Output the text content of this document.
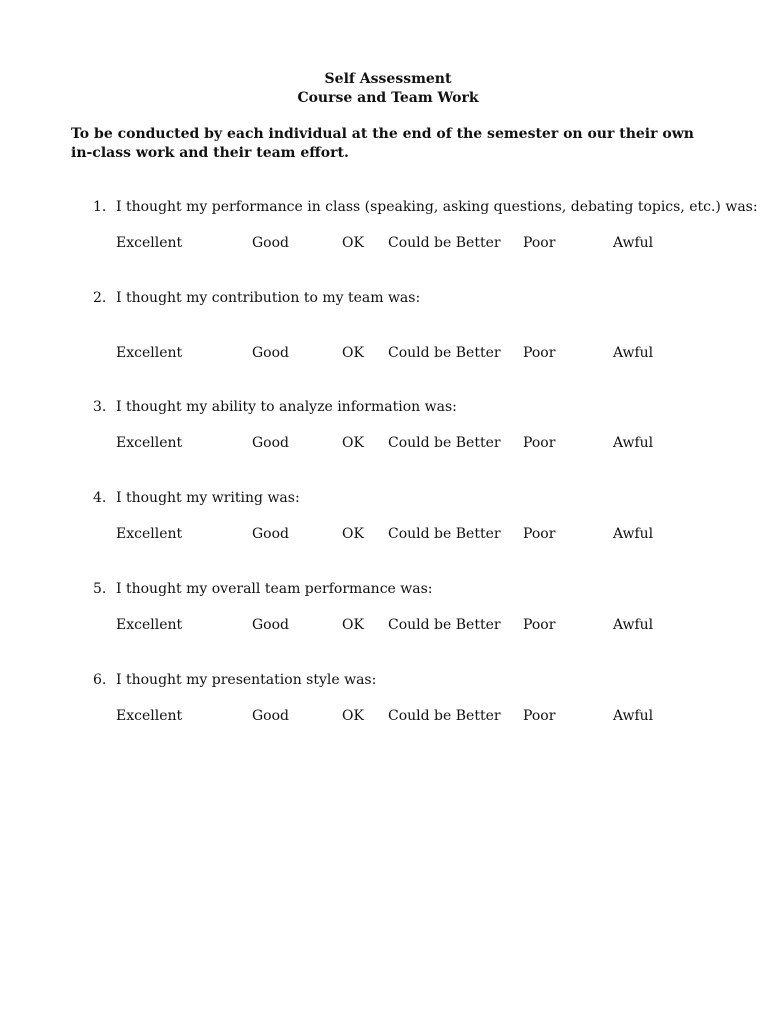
Self Assessment
Course and Team Work
To be conducted by each individual at the end of the semester on our their own in-class work and their team effort.
1. I thought my performance in class (speaking, asking questions, debating topics, etc.) was:
Excellent	Good	OK Could be Better Poor	Awful
2. I thought my contribution to my team was:
Excellent	Good	OK Could be Better Poor	Awful
3. I thought my ability to analyze information was:
Excellent	Good	OK Could be Better Poor	Awful
4. I thought my writing was:
Excellent	Good	OK Could be Better Poor	Awful
5. I thought my overall team performance was:
Excellent	Good	OK Could be Better Poor	Awful
6. I thought my presentation style was:
Excellent	Good	OK Could be Better Poor	Awful
